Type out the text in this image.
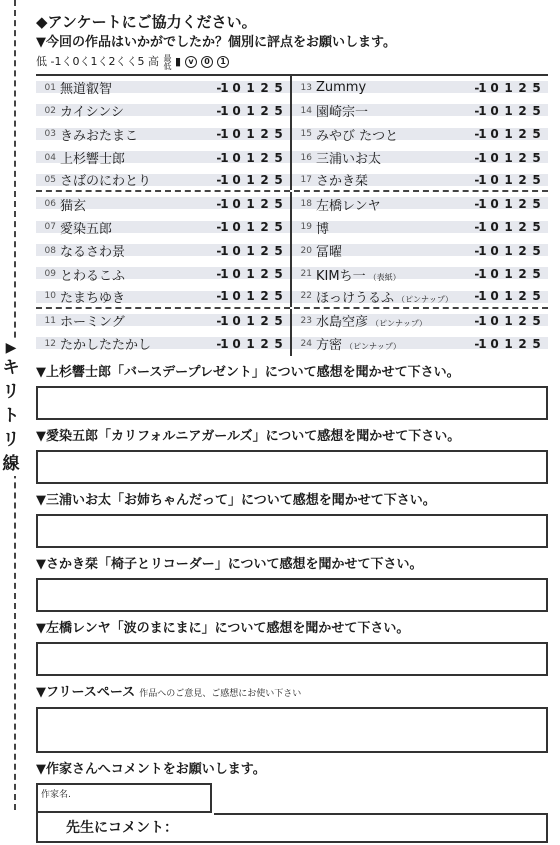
▶
キ
リ
ト
リ
線
◆アンケートにご協力ください。
▼今回の作品はいかがでしたか？個別に評点をお願いします。
低 -1く0く1く2くく5 高 最低 ▮ v	0	1
01 無道叡智	-1 0 1 2 5	13 Zummy	-1 0 1 2 5
02 カイシンシ	-1 0 1 2 5	14 園崎宗一	-1 0 1 2 5
03 きみおたまこ	-1 0 1 2 5	15 みやび たつと	-1 0 1 2 5
04 上杉響士郎	-1 0 1 2 5	16 三浦いお太	-1 0 1 2 5
05 さばのにわとり	-1 0 1 2 5	17 さかき栞	-1 0 1 2 5
06 猫玄	-1 0 1 2 5	18 左橋レンヤ	-1 0 1 2 5
07 愛染五郎	-1 0 1 2 5	19 博	-1 0 1 2 5
08 なるさわ景	-1 0 1 2 5	20 冨曜	-1 0 1 2 5
09 とわるこふ	-1 0 1 2 5	21 KIMち一 （表紙）	-1 0 1 2 5
10 たまちゆき	-1 0 1 2 5	22 ほっけうるふ （ピンナップ）	-1 0 1 2 5
11 ホーミング	-1 0 1 2 5	23 水島空彦 （ピンナップ）	-1 0 1 2 5
12 たかしたたかし	-1 0 1 2 5	24 方密 （ピンナップ）	-1 0 1 2 5
▼上杉響士郎「バースデープレゼント」について感想を聞かせて下さい。
▼愛染五郎「カリフォルニアガールズ」について感想を聞かせて下さい。
▼三浦いお太「お姉ちゃんだって」について感想を聞かせて下さい。
▼さかき栞「椅子とリコーダー」について感想を聞かせて下さい。
▼左橋レンヤ「波のまにまに」について感想を聞かせて下さい。
▼フリースペース 作品へのご意見、ご感想にお使い下さい
▼作家さんへコメントをお願いします。
作家名.
先生にコメント：
